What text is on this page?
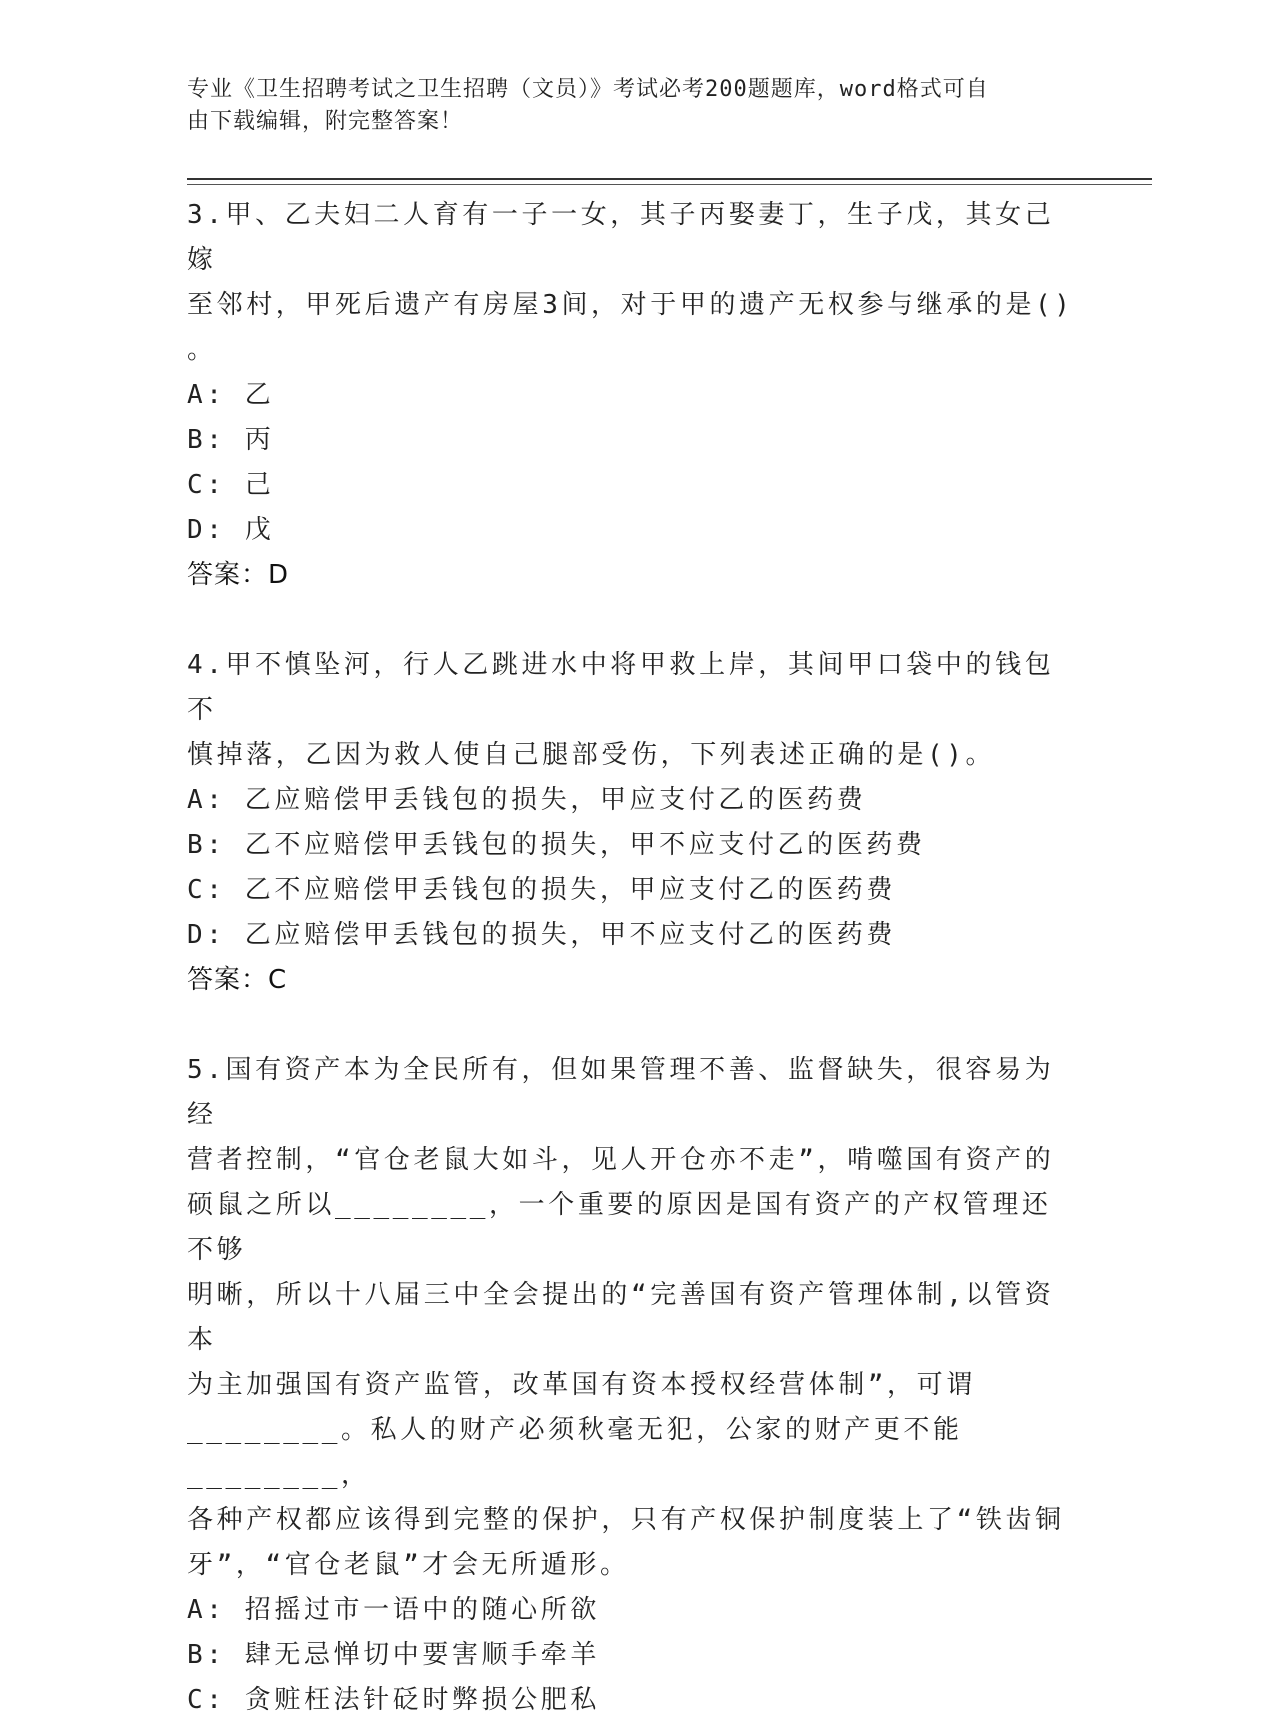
专业《卫生招聘考试之卫生招聘（文员）》考试必考200题题库，word格式可自
由下载编辑，附完整答案！
3.甲、乙夫妇二人育有一子一女，其子丙娶妻丁，生子戊，其女己嫁
至邻村，甲死后遗产有房屋3间，对于甲的遗产无权参与继承的是()
。
A: 乙
B: 丙
C: 己
D: 戊
答案：D
4.甲不慎坠河，行人乙跳进水中将甲救上岸，其间甲口袋中的钱包不
慎掉落，乙因为救人使自己腿部受伤，下列表述正确的是()。
A: 乙应赔偿甲丢钱包的损失，甲应支付乙的医药费
B: 乙不应赔偿甲丢钱包的损失，甲不应支付乙的医药费
C: 乙不应赔偿甲丢钱包的损失，甲应支付乙的医药费
D: 乙应赔偿甲丢钱包的损失，甲不应支付乙的医药费
答案：C
5.国有资产本为全民所有，但如果管理不善、监督缺失，很容易为经
营者控制，“官仓老鼠大如斗，见人开仓亦不走”，啃噬国有资产的
硕鼠之所以________，一个重要的原因是国有资产的产权管理还不够
明晰，所以十八届三中全会提出的“完善国有资产管理体制,以管资本
为主加强国有资产监管，改革国有资本授权经营体制”，可谓
________。私人的财产必须秋毫无犯，公家的财产更不能________，
各种产权都应该得到完整的保护，只有产权保护制度装上了“铁齿铜
牙”，“官仓老鼠”才会无所遁形。
A: 招摇过市一语中的随心所欲
B: 肆无忌惮切中要害顺手牵羊
C: 贪赃枉法针砭时弊损公肥私
